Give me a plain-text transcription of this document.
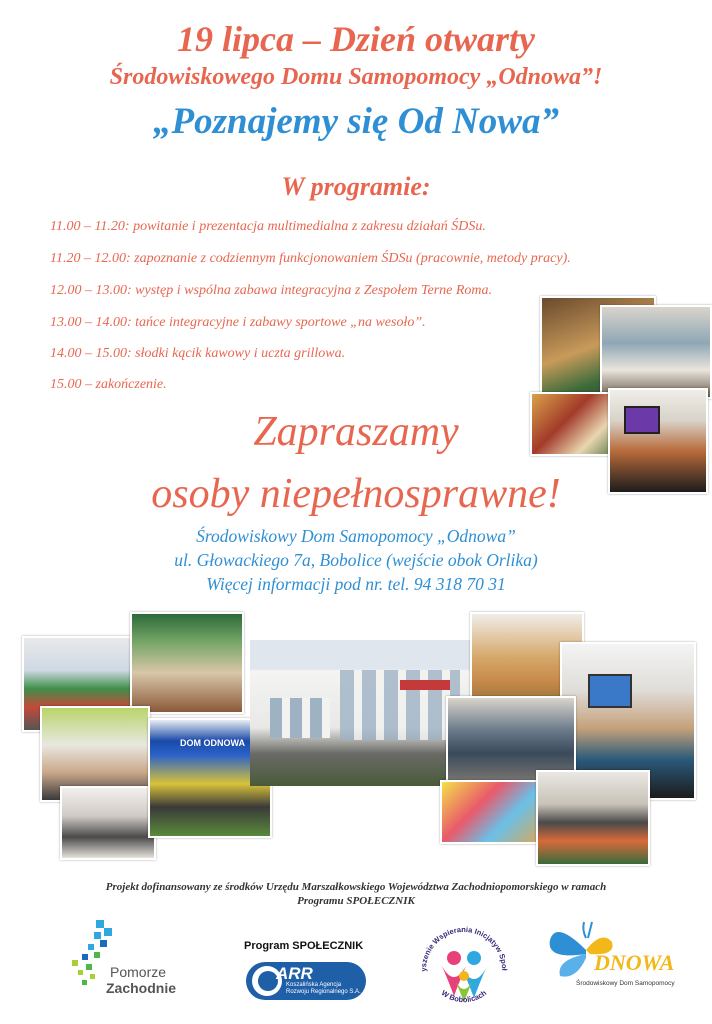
19 lipca – Dzień otwarty
Środowiskowego Domu Samopomocy „Odnowa”!
„Poznajemy się Od Nowa”
W programie:
11.00 – 11.20: powitanie i prezentacja multimedialna z zakresu działań ŚDSu.
11.20 – 12.00: zapoznanie z codziennym funkcjonowaniem ŚDSu (pracownie, metody pracy).
12.00 – 13.00: występ i wspólna zabawa integracyjna z Zespołem Terne Roma.
13.00 – 14.00: tańce integracyjne i zabawy sportowe „na wesoło”.
14.00 – 15.00: słodki kącik kawowy i uczta grillowa.
15.00 – zakończenie.
Zapraszamy
osoby niepełnosprawne!
Środowiskowy Dom Samopomocy „Odnowa”
ul. Głowackiego 7a, Bobolice (wejście obok Orlika)
Więcej informacji pod nr. tel. 94 318 70 31
DOM ODNOWA
Projekt dofinansowany ze środków Urzędu Marszałkowskiego Województwa Zachodniopomorskiego w ramach
Programu SPOŁECZNIK
Pomorze
Zachodnie
Program SPOŁECZNIK
ARR
Koszalińska Agencja
Rozwoju Regionalnego S.A.
yszenie Wspierania Inicjatyw Społ
W Bobolicach
DNOWA
Środowiskowy Dom Samopomocy
